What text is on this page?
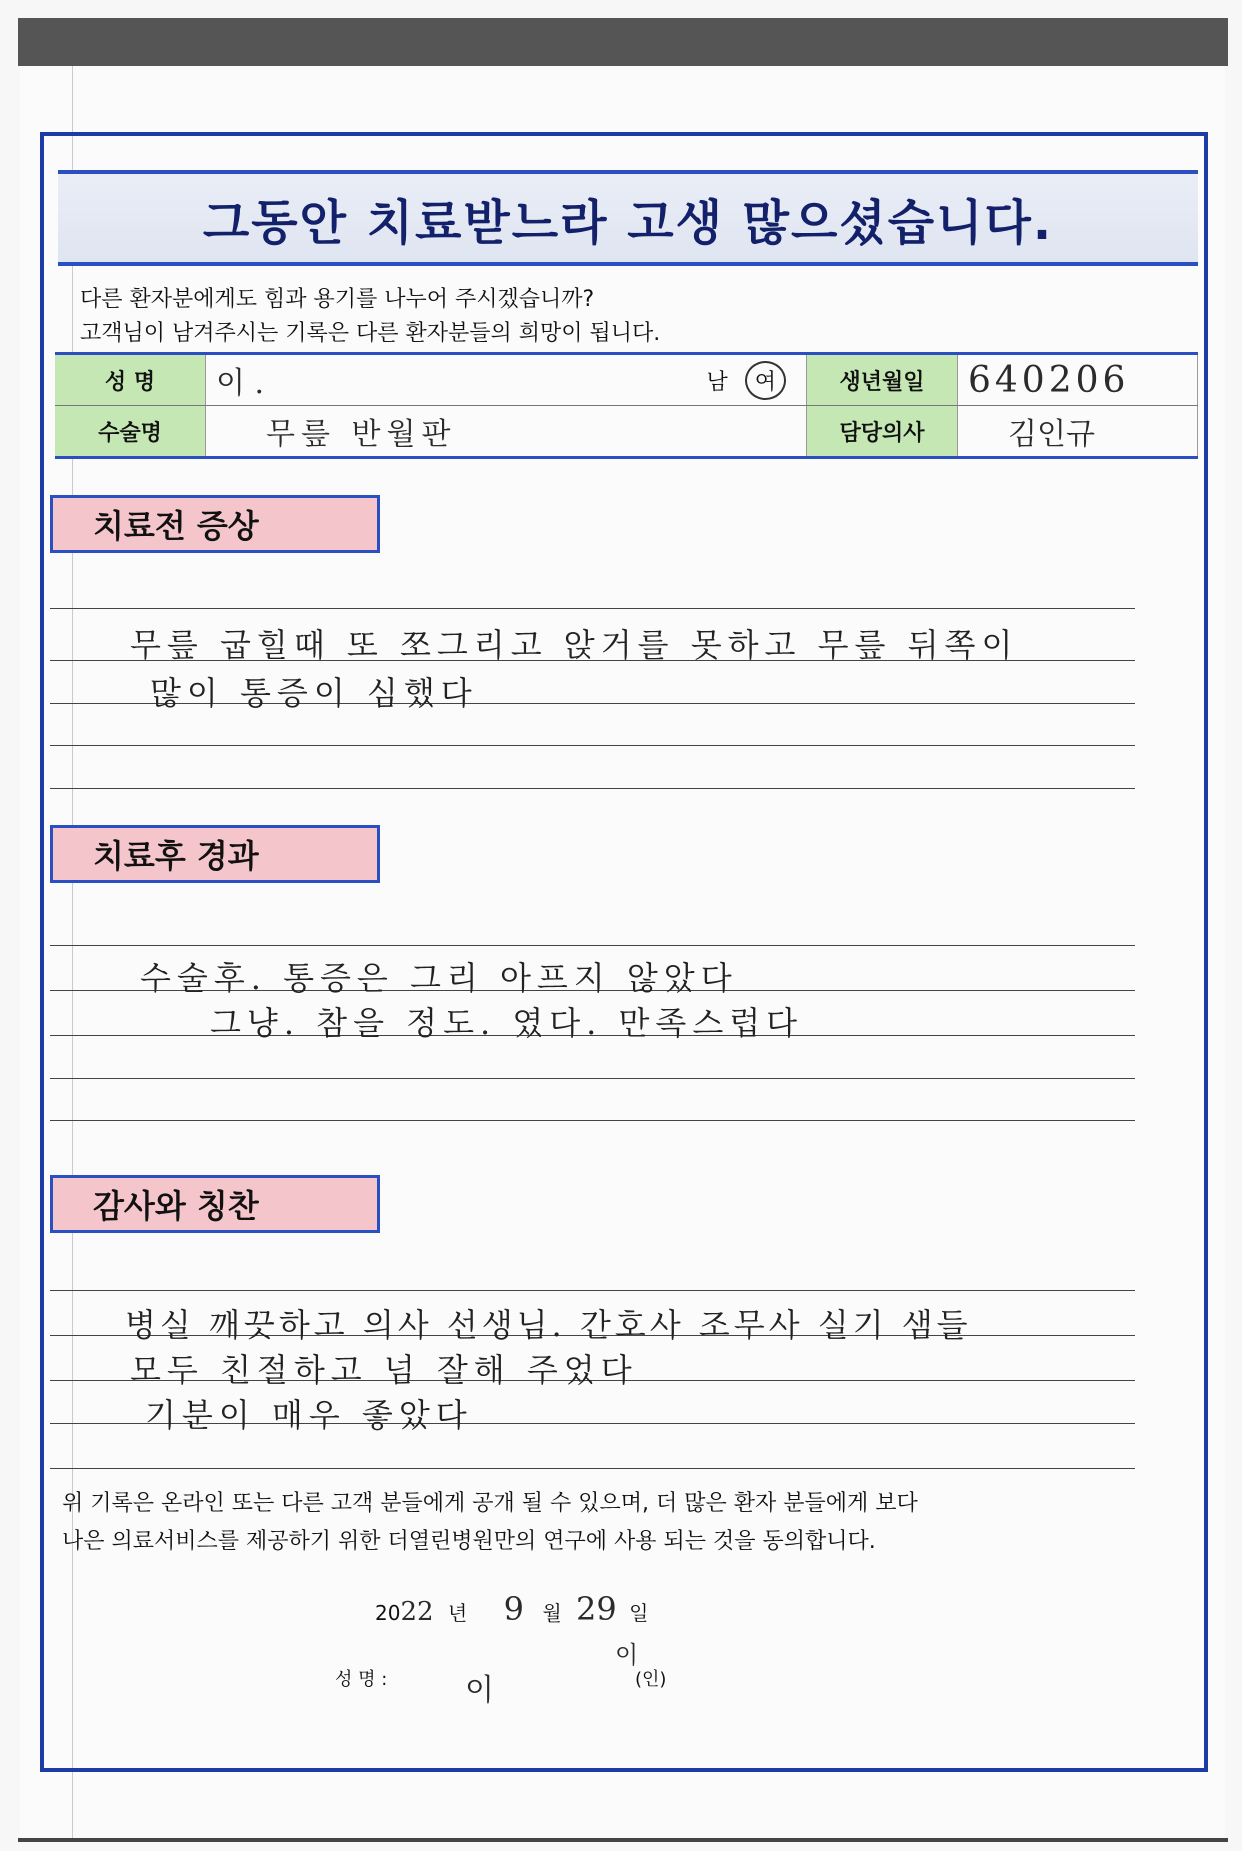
그동안 치료받느라 고생 많으셨습니다.
다른 환자분에게도 힘과 용기를 나누어 주시겠습니까?
고객님이 남겨주시는 기록은 다른 환자분들의 희망이 됩니다.
성 명	이 .	남 여	생년월일	640206
수술명	무릎 반월판		담당의사	김인규
치료전 증상
무릎 굽힐때 또 쪼그리고 앉거를 못하고 무릎 뒤쪽이
많이 통증이 심했다
치료후 경과
수술후. 통증은 그리 아프지 않았다
그냥. 참을 정도. 였다. 만족스럽다
감사와 칭찬
병실 깨끗하고 의사 선생님. 간호사 조무사 실기 샘들
모두 친절하고 넘 잘해 주었다
기분이 매우 좋았다
위 기록은 온라인 또는 다른 고객 분들에게 공개 될 수 있으며, 더 많은 환자 분들에게 보다
나은 의료서비스를 제공하기 위한 더열린병원만의 연구에 사용 되는 것을 동의합니다.
2022 년 9 월 29 일
성 명 :	이
이
(인)
